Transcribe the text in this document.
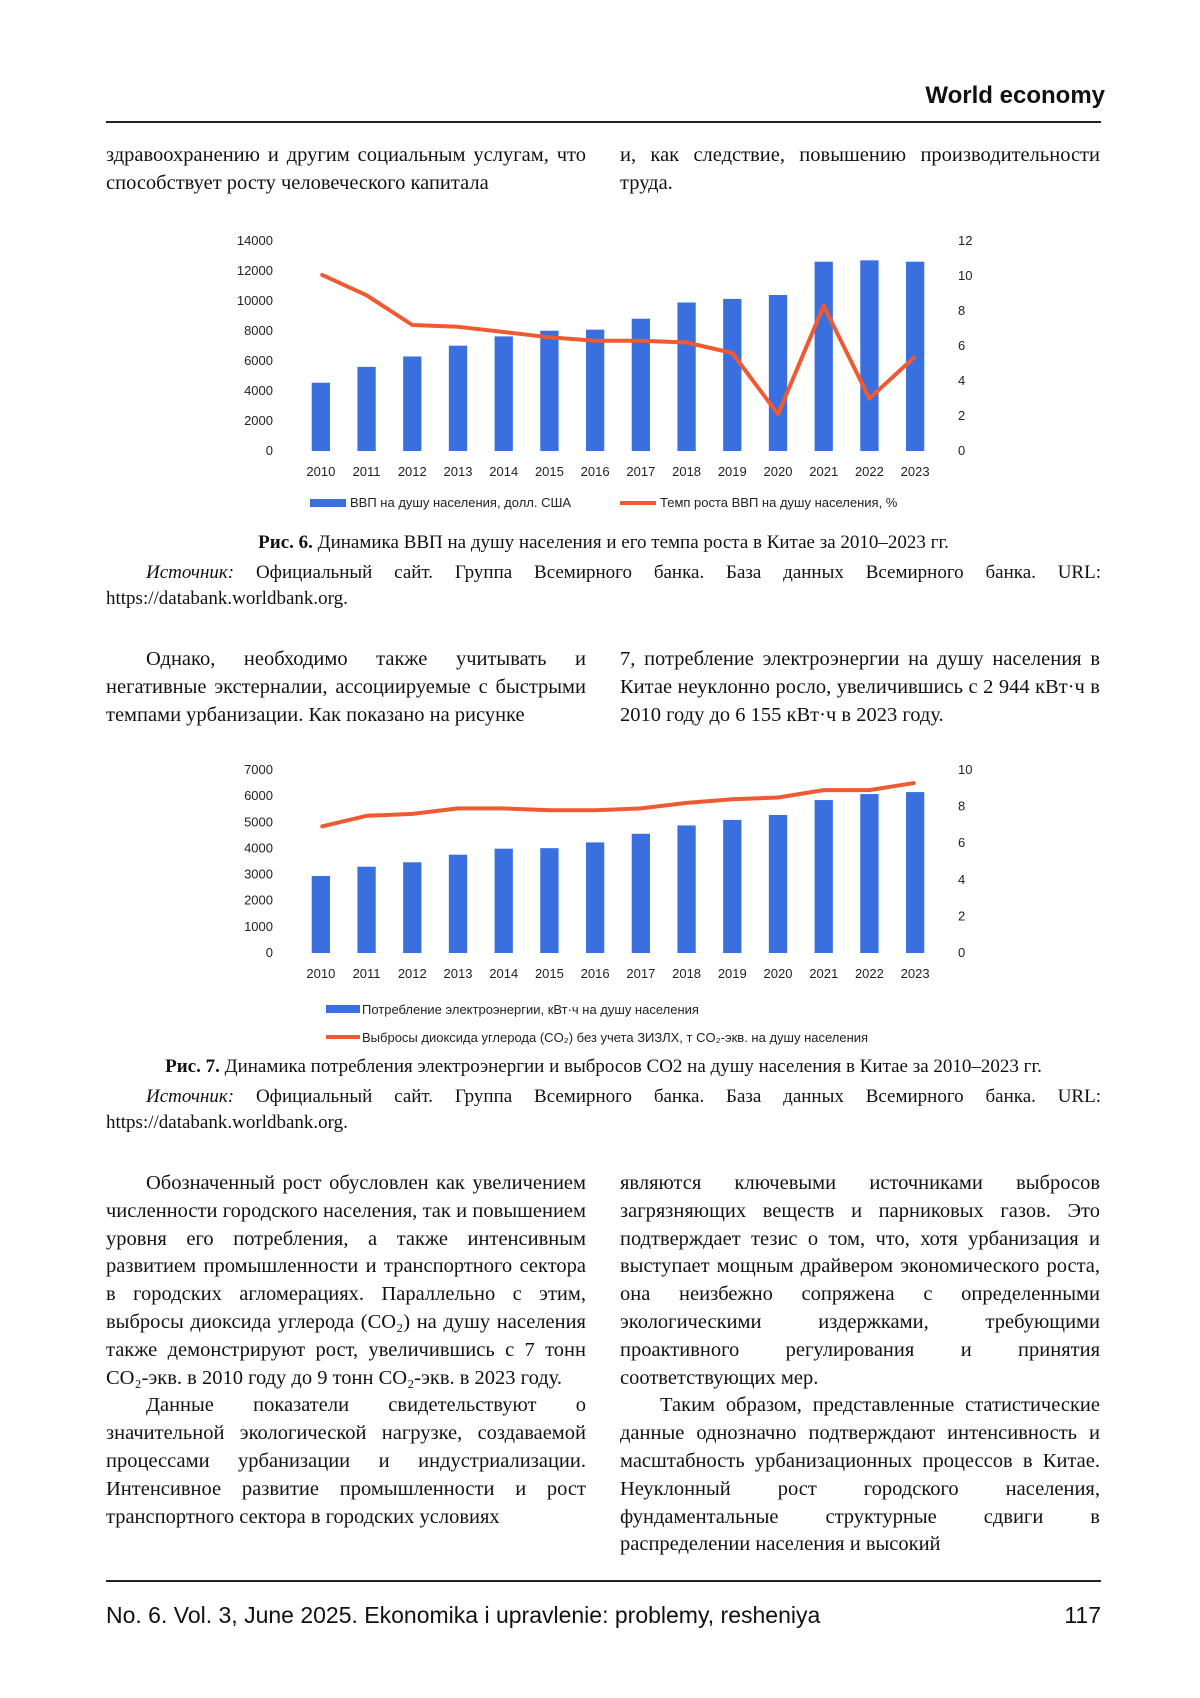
World economy

здравоохранению и другим социальным услугам, что способствует росту человеческого капитала

и, как следствие, повышению производительности труда.

0
2000
4000
6000
8000
10000
12000
14000
0
2
4
6
8
10
12
2010 2011 2012 2013 2014 2015 2016 2017 2018 2019 2020 2021 2022 2023
ВВП на душу населения, долл. США	Темп роста ВВП на душу населения, %
Рис. 6. Динамика ВВП на душу населения и его темпа роста в Китае за 2010–2023 гг.
Источник: Официальный сайт. Группа Всемирного банка. База данных Всемирного банка. URL: https://databank.worldbank.org.

Однако, необходимо также учитывать и негативные экстерналии, ассоциируемые с быстрыми темпами урбанизации. Как показано на рисунке

7, потребление электроэнергии на душу населения в Китае неуклонно росло, увеличившись с 2 944 кВт·ч в 2010 году до 6 155 кВт·ч в 2023 году.

0
1000
2000
3000
4000
5000
6000
7000
0
2
4
6
8
10
2010 2011 2012 2013 2014 2015 2016 2017 2018 2019 2020 2021 2022 2023
Потребление электроэнергии, кВт·ч на душу населения
Выбросы диоксида углерода (CO₂) без учета ЗИЗЛХ, т CO₂-экв. на душу населения
Рис. 7. Динамика потребления электроэнергии и выбросов CO2 на душу населения в Китае за 2010–2023 гг.
Источник: Официальный сайт. Группа Всемирного банка. База данных Всемирного банка. URL: https://databank.worldbank.org.

Обозначенный рост обусловлен как увеличением численности городского населения, так и повышением уровня его потребления, а также интенсивным развитием промышленности и транспортного сектора в городских агломерациях. Параллельно с этим, выбросы диоксида углерода (CO₂) на душу населения также демонстрируют рост, увеличившись с 7 тонн CO₂-экв. в 2010 году до 9 тонн CO₂-экв. в 2023 году.

Данные показатели свидетельствуют о значительной экологической нагрузке, создаваемой процессами урбанизации и индустриализации. Интенсивное развитие промышленности и рост транспортного сектора в городских условиях

являются ключевыми источниками выбросов загрязняющих веществ и парниковых газов. Это подтверждает тезис о том, что, хотя урбанизация и выступает мощным драйвером экономического роста, она неизбежно сопряжена с определенными экологическими издержками, требующими проактивного регулирования и принятия соответствующих мер.

Таким образом, представленные статистические данные однозначно подтверждают интенсивность и масштабность урбанизационных процессов в Китае. Неуклонный рост городского населения, фундаментальные структурные сдвиги в распределении населения и высокий

No. 6. Vol. 3, June 2025. Ekonomika i upravlenie: problemy, resheniya	117
